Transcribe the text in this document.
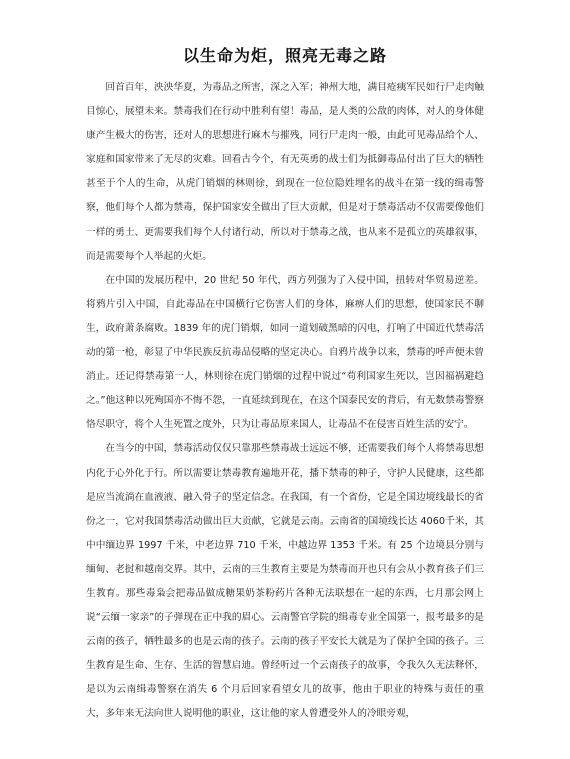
以生命为炬，照亮无毒之路

回首百年，泱泱华夏，为毒品之所害，深之入军；神州大地，满目疮痍军民如行尸走肉触目惊心，展望未来。禁毒我们在行动中胜利有望！毒品，是人类的公敌的肉体，对人的身体健康产生极大的伤害，还对人的思想进行麻木与摧残，同行尸走肉一般，由此可见毒品给个人、家庭和国家带来了无尽的灾难。回看古今个，有无英勇的战士们为抵御毒品付出了巨大的牺牲甚至于个人的生命，从虎门销烟的林则徐，到现在一位位隐姓埋名的战斗在第一线的缉毒警察，他们每个人都为禁毒，保护国家安全做出了巨大贡献，但是对于禁毒活动不仅需要像他们一样的勇士、更需要我们每个人付诸行动，所以对于禁毒之战，也从来不是孤立的英雄叙事，而是需要每个人举起的火炬。

在中国的发展历程中，20 世纪 50 年代，西方列强为了入侵中国，扭转对华贸易逆差。将鸦片引入中国，自此毒品在中国横行它伤害人们的身体，麻痹人们的思想，使国家民不聊生，政府萧条腐败。1839 年的虎门销烟，如同一道划破黑暗的闪电，打响了中国近代禁毒活动的第一枪，彰显了中华民族反抗毒品侵略的坚定决心。自鸦片战争以来，禁毒的呼声便未曾消止。还记得禁毒第一人，林则徐在虎门销烟的过程中说过“苟利国家生死以，岂因福祸避趋之。”他这种以死殉国亦不悔不怨，一直延续到现在，在这个国泰民安的背后，有无数禁毒警察恪尽职守，将个人生死置之度外，只为让毒品原来国人，让毒品不在侵害百姓生活的安宁。

在当今的中国，禁毒活动仅仅只靠那些禁毒战士远远不够，还需要我们每个人将禁毒思想内化于心外化于行。所以需要让禁毒教育遍地开花，播下禁毒的种子，守护人民健康，这些都是应当流淌在血液液、融入骨子的坚定信念。在我国，有一个省份，它是全国边境线最长的省份之一，它对我国禁毒活动做出巨大贡献，它就是云南。云南省的国境线长达 4060千米，其中中缅边界 1997 千米，中老边界 710 千米，中越边界 1353 千米。有 25 个边境县分别与缅甸、老挝和越南交界。其中，云南的三生教育主要是为禁毒而开也只有会从小教育孩子们三生教育。那些毒枭会把毒品做成糖果奶茶粉药片各种无法联想在一起的东西，七月那会网上说“云缅一家亲”的子弹现在正中我的眉心。云南警官学院的缉毒专业全国第一，报考最多的是云南的孩子，牺牲最多的也是云南的孩子。云南的孩子平安长大就是为了保护全国的孩子。三生教育是生命、生存、生活的智慧启迪。曾经听过一个云南孩子的故事，令我久久无法释怀，是以为云南缉毒警察在消失 6 个月后回家看望女儿的故事，他由于职业的特殊与责任的重大，多年来无法向世人说明他的职业，这让他的家人曾遭受外人的冷眼旁观，
